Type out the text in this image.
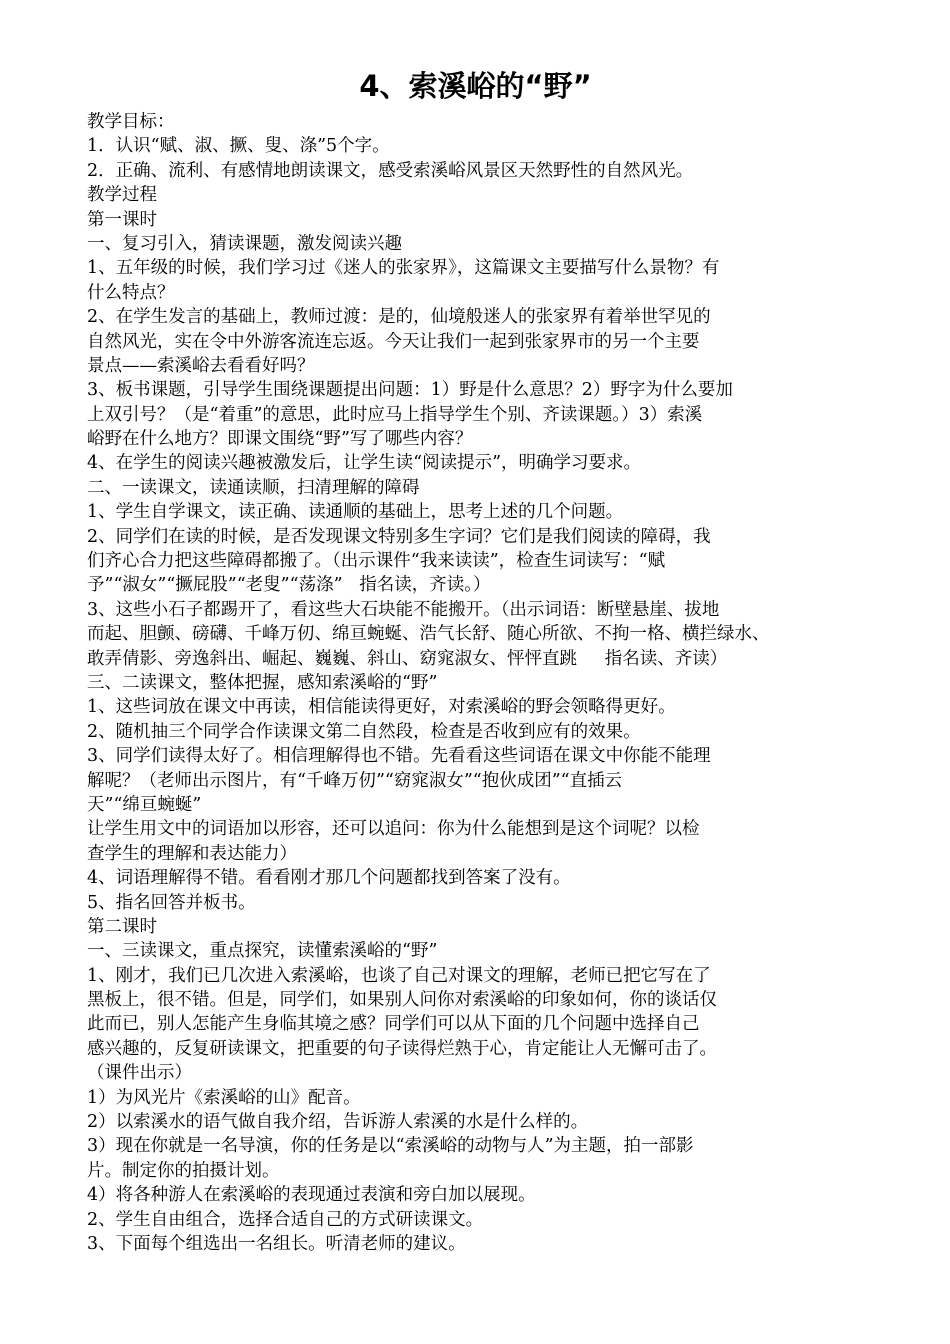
4、索溪峪的“野”
教学目标：
1．认识“赋、淑、撅、叟、涤”5个字。
2．正确、流利、有感情地朗读课文，感受索溪峪风景区天然野性的自然风光。
教学过程
第一课时
一、复习引入，猜读课题，激发阅读兴趣
1、五年级的时候，我们学习过《迷人的张家界》，这篇课文主要描写什么景物？有
什么特点？
2、在学生发言的基础上，教师过渡：是的，仙境般迷人的张家界有着举世罕见的
自然风光，实在令中外游客流连忘返。今天让我们一起到张家界市的另一个主要
景点——索溪峪去看看好吗？
3、板书课题，引导学生围绕课题提出问题：1）野是什么意思？2）野字为什么要加
上双引号？（是“着重”的意思，此时应马上指导学生个别、齐读课题。）3）索溪
峪野在什么地方？即课文围绕“野”写了哪些内容？
4、在学生的阅读兴趣被激发后，让学生读“阅读提示”，明确学习要求。
二、一读课文，读通读顺，扫清理解的障碍
1、学生自学课文，读正确、读通顺的基础上，思考上述的几个问题。
2、同学们在读的时候，是否发现课文特别多生字词？它们是我们阅读的障碍，我
们齐心合力把这些障碍都搬了。（出示课件“我来读读”，检查生词读写：“赋
予”“淑女”“撅屁股”“老叟”“荡涤”   指名读，齐读。）
3、这些小石子都踢开了，看这些大石块能不能搬开。（出示词语：断壁悬崖、拔地
而起、胆颤、磅礴、千峰万仞、绵亘蜿蜒、浩气长舒、随心所欲、不拘一格、横拦绿水、
敢弄倩影、旁逸斜出、崛起、巍巍、斜山、窈窕淑女、怦怦直跳     指名读、齐读）
三、二读课文，整体把握，感知索溪峪的“野”
1、这些词放在课文中再读，相信能读得更好，对索溪峪的野会领略得更好。
2、随机抽三个同学合作读课文第二自然段，检查是否收到应有的效果。
3、同学们读得太好了。相信理解得也不错。先看看这些词语在课文中你能不能理
解呢？（老师出示图片，有“千峰万仞”“窈窕淑女”“抱伙成团”“直插云
天”“绵亘蜿蜒”
让学生用文中的词语加以形容，还可以追问：你为什么能想到是这个词呢？以检
查学生的理解和表达能力）
4、词语理解得不错。看看刚才那几个问题都找到答案了没有。
5、指名回答并板书。
第二课时
一、三读课文，重点探究，读懂索溪峪的“野”
1、刚才，我们已几次进入索溪峪，也谈了自己对课文的理解，老师已把它写在了
黑板上，很不错。但是，同学们，如果别人问你对索溪峪的印象如何，你的谈话仅
此而已，别人怎能产生身临其境之感？同学们可以从下面的几个问题中选择自己
感兴趣的，反复研读课文，把重要的句子读得烂熟于心，肯定能让人无懈可击了。
（课件出示）
1）为风光片《索溪峪的山》配音。
2）以索溪水的语气做自我介绍，告诉游人索溪的水是什么样的。
3）现在你就是一名导演，你的任务是以“索溪峪的动物与人”为主题，拍一部影
片。制定你的拍摄计划。
4）将各种游人在索溪峪的表现通过表演和旁白加以展现。
2、学生自由组合，选择合适自己的方式研读课文。
3、下面每个组选出一名组长。听清老师的建议。
